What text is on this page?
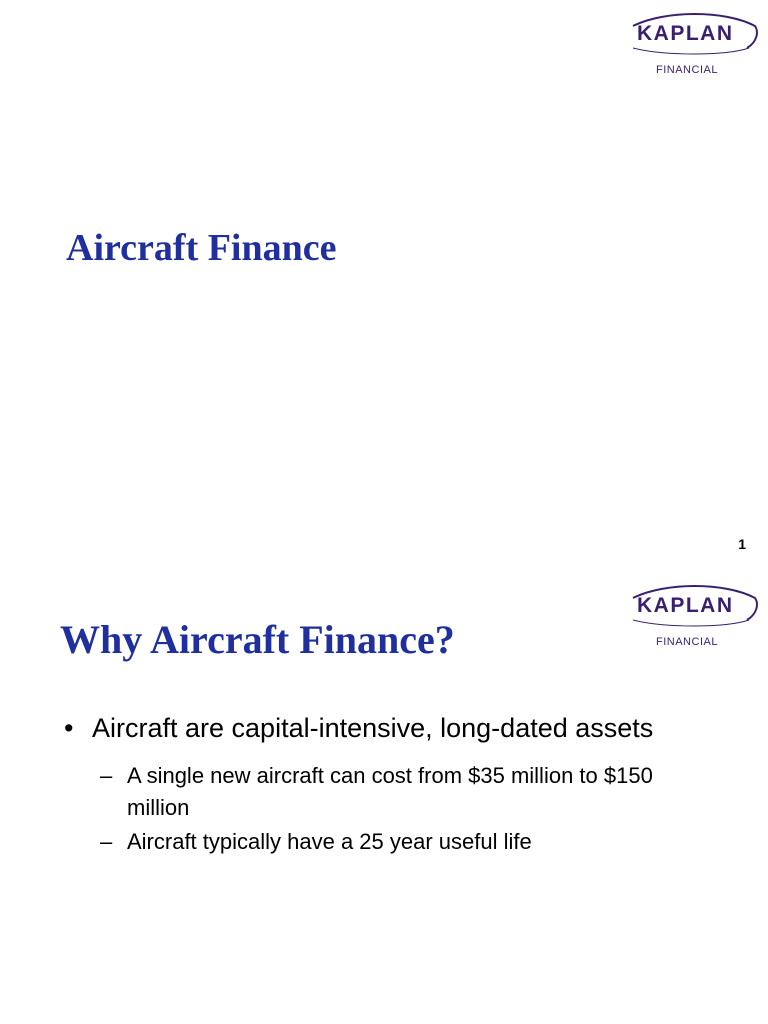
KAPLAN
FINANCIAL
Aircraft Finance
1
KAPLAN
FINANCIAL
Why Aircraft Finance?
• Aircraft are capital-intensive, long-dated assets
– A single new aircraft can cost from $35 million to $150 million
– Aircraft typically have a 25 year useful life
